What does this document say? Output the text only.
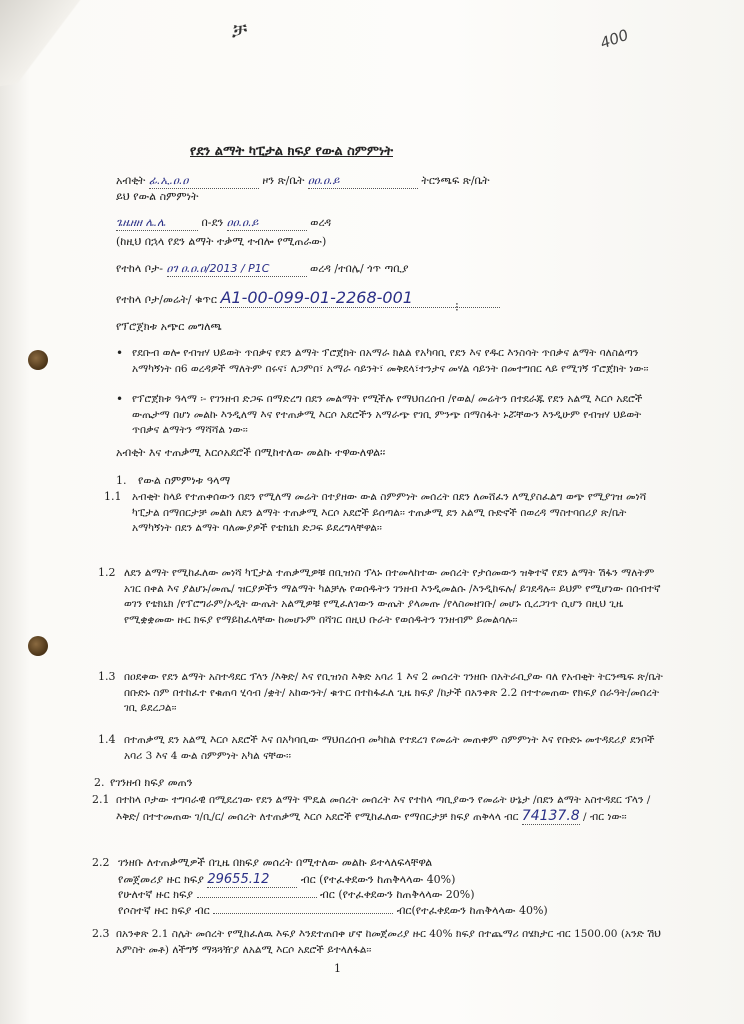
ቻ	400
የደን ልማት ካፒታል ክፍያ የውል ስምምነት
አብቂት ፊ.ኢ.ዐ.ዐ	ዞን ጽ/ቤት ዐዐ.ዐ.ይ	ትርንጫፍ ጽ/ቤት
ይህ የውል ስምምነት
ጌዜዘዘ ሌ.ሌ	በ-ደን ዐዐ.ዐ.ይ	ወረዳ
(ከዚህ በኋላ የደን ልማት ተቃሚ ተብሎ የሚጠራው)
የተከላ ቦታ- ዐገ ዐ.ዐ.ዐ/2013 / P1C	ወረዳ /ተበሌ/ ጎጥ ጣቢያ
የተከላ ቦታ/መሬት/ ቁጥር A1-00-099-01-2268-001	⁝
የፕሮጀክቱ አጭር መግለጫ
• የደቡብ ወሎ የብዝሃ ህይወት ጥበቃና የደን ልማት ፕሮጀክት በአማራ ክልል የአካባቢ የደን እና የዱር እንስሳት ጥበቃና ልማት ባለስልጣን አማካኝነት በ6 ወረዳዎች ማለትም በሩና፣ ለጋምበ፣ አማራ ሳይንት፣ መቅደላ፣ተንታና መሃል ሳይንት በመተግበር ላይ የሚገኝ ፕሮጀክት ነው፡፡
• የፕሮጀክቱ ዓላማ ፡- የገንዘብ ድጋፍ በማድረግ በደን መልማት የሚችሉ የማህበረሰብ /የወል/ መሬትን በተደራጁ የደን አልሚ እርሶ አደሮች ውጤታማ በሆነ መልኩ እንዲለማ እና የተጠቃሚ እርሶ አደሮችን አማራጭ የገቢ ምንጭ በማስፋት ኑሯቸውን እንዲሁም የብዝሃ ህይወት ጥበቃና ልማትን ማሻሻል ነው፡፡
አብቂት እና ተጠቃሚ እርሶአደሮች በሚከተለው መልኩ ተዋውለዋል፡፡
1. የውል ስምምነቱ ዓላማ
1.1 አብቂት ከላይ የተጠቀሰውን በደን የሚለማ መሬት በተያዘው ውል ስምምነት መሰረት በደን ለመሸፈን ለሚያስፈልግ ወጭ የሚያገዝ መነሻ ካፒታል በማበርታቻ መልክ ለደን ልማት ተጠቃሚ እርሶ አደሮች ይሰጣል፡፡ ተጠቃሚ ደን አልሚ ቡድኖች በወረዳ ማስተባበሪያ ጽ/ቤት አማካኝነት በደን ልማት ባለሙያዎች የቴክኒክ ድጋፍ ይደረግላቸዋል፡፡
1.2 ለደን ልማት የሚከፈለው መነሻ ካፒታል ተጠቃሚዎቹ በቢዝነስ ፕላኑ በተመላከተው መሰረት የታሰመውን ዝቅተኛ የደን ልማት ሽፋን ማለትም አገር በቀል እና ያልሆኑ/መጤ/ ዝርያዎችን ማልማት ካልቻሉ የወሰዱትን ገንዘብ እንዲመልሱ /እንዲከፍሉ/ ይገደዳሉ፡፡ ይህም የሚሆነው በሰብተኛ ወገን የቴክኒክ /የፕሮግራም/ኦዲት ውጤት አልሚዎቹ የሚፈለገውን ውጤት ያላመጡ /የላስመዘገቡ/ መሆኑ ሲረጋገጥ ሲሆን በዚህ ጊዜ የሚቋቋመው ዙር ክፍያ የማይከፈላቸው ከመሆኑም በሻገር በዚህ ቡራት የወሰዱትን ገንዘብም ይመልሳሉ፡፡
1.3 በዐደቀው የደን ልማት አስተዳደር ፕላን /እቅድ/ እና የቢዝነስ እቅድ አባሪ 1 እና 2 መሰረት ገንዘቡ በአትራቢያው ባለ የአብቂት ትርንጫፍ ጽ/ቤት በቡድኑ ስም በተከፈተ የቁጠባ ሂሳብ /ቋት/ አከውንት/ ቁጥር በተከፋፈለ ጊዜ ክፍያ /ከታች በአንቀጽ 2.2 በተተመጠው የክፍያ ሰራዓት/መሰረት ገቢ ይደረጋል፡፡
1.4 በተጠቃሚ ደን አልሚ እርሶ አደሮች እና በአካባቢው ማህበረሰብ መካከል የተደረገ የመሬት መጠቀም ስምምነት እና የቡድኑ መተዳደሪያ ደንቦች አባሪ 3 እና 4 ውል ስምምነት አካል ናቸው፡፡
2. የገንዘብ ክፍያ መጠን
2.1 በተከላ ቦታው ተግባራዊ በሚደረገው የደን ልማት ሞዴል መሰረት መሰረት እና የተከላ ጣቢያውን የመሬት ሁኔታ /በደን ልማት አስተዳደር ፕላን /እቅድ/ በተተመጠው ገ/ቢ/ር/ መሰረት ለተጠቃሚ እርሶ አደሮች የሚከፈለው የማበርታቻ ክፍያ ጠቅላላ ብር 74137.8 / ብር ነው፡፡
2.2 ገንዘቡ ለተጠቃሚዎች በጊዜ በክፍያ መሰረት በሚተለው መልኩ ይተላለፍላቸዋል
የመጀመሪያ ዙር ክፍያ 29655.12	ብር (የተፈቀደውን ከጠቅላላው 40%)
የሁለተኛ ዙር ክፍያ	ብር (የተፈቀደውን ከጠቅላላው 20%)
የሶስተኛ ዙር ክፍያ ብር	ብር(የተፈቀደውን ከጠቅላላው 40%)
2.3 በአንቀጽ 2.1 ስሌት መሰረት የሚከፈለዉ እፍያ እንደተጠበቀ ሆኖ ከመጀመሪያ ዙር 40% ክፍያ በተጨማሪ በሄክታር ብር 1500.00 (አንድ ሽህ አምስት መቶ) ለችግኝ ማጓጓዥያ ለአልሚ እርሶ አደሮች ይተላለፋል፡፡
1
